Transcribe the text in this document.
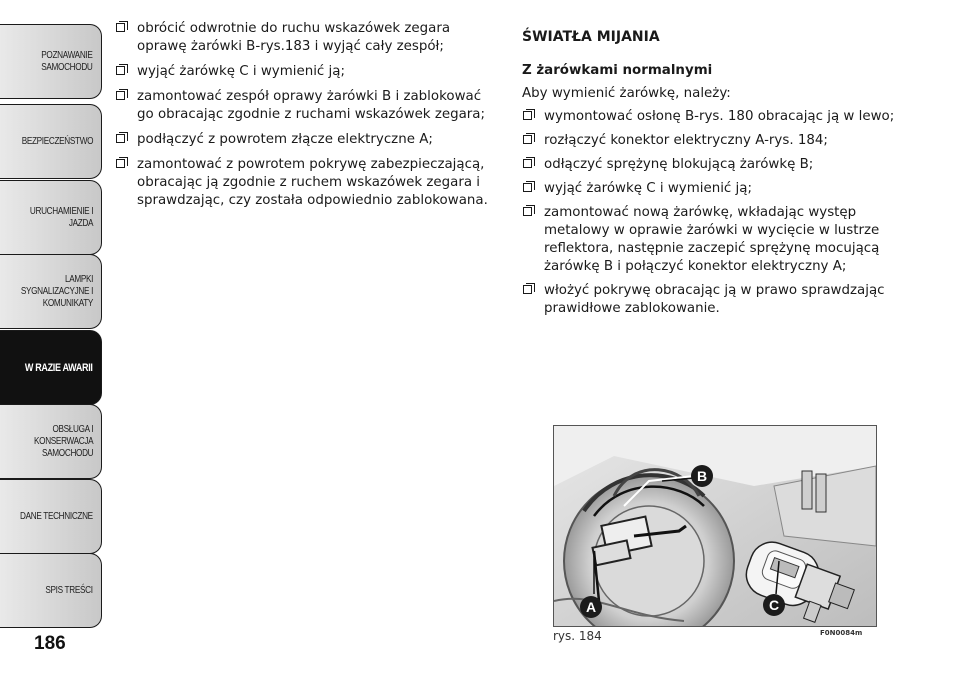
POZNAWANIE
SAMOCHODU
BEZPIECZEŃSTWO
URUCHAMIENIE I
JAZDA
LAMPKI
SYGNALIZACYJNE I
KOMUNIKATY
W RAZIE AWARII
OBSŁUGA I
KONSERWACJA
SAMOCHODU
DANE TECHNICZNE
SPIS TREŚCI
186
obrócić odwrotnie do ruchu wskazówek zegara oprawę żarówki B-rys.183 i wyjąć cały zespół;
wyjąć żarówkę C i wymienić ją;
zamontować zespół oprawy żarówki B i zablokować go obracając zgodnie z ruchami wskazówek zegara;
podłączyć z powrotem złącze elektryczne A;
zamontować z powrotem pokrywę zabezpieczającą, obracając ją zgodnie z ruchem wskazówek zegara i sprawdzając, czy została odpowiednio zablokowana.
ŚWIATŁA MIJANIA
Z żarówkami normalnymi
Aby wymienić żarówkę, należy:
wymontować osłonę B-rys. 180 obracając ją w lewo;
rozłączyć konektor elektryczny A-rys. 184;
odłączyć sprężynę blokującą żarówkę B;
wyjąć żarówkę C i wymienić ją;
zamontować nową żarówkę, wkładając występ metalowy w oprawie żarówki w wycięcie w lustrze reflektora, następnie zaczepić sprężynę mocującą żarówkę B i połączyć konektor elektryczny A;
włożyć pokrywę obracając ją w prawo sprawdzając prawidłowe zablokowanie.
B
A	C
rys. 184	F0N0084m
